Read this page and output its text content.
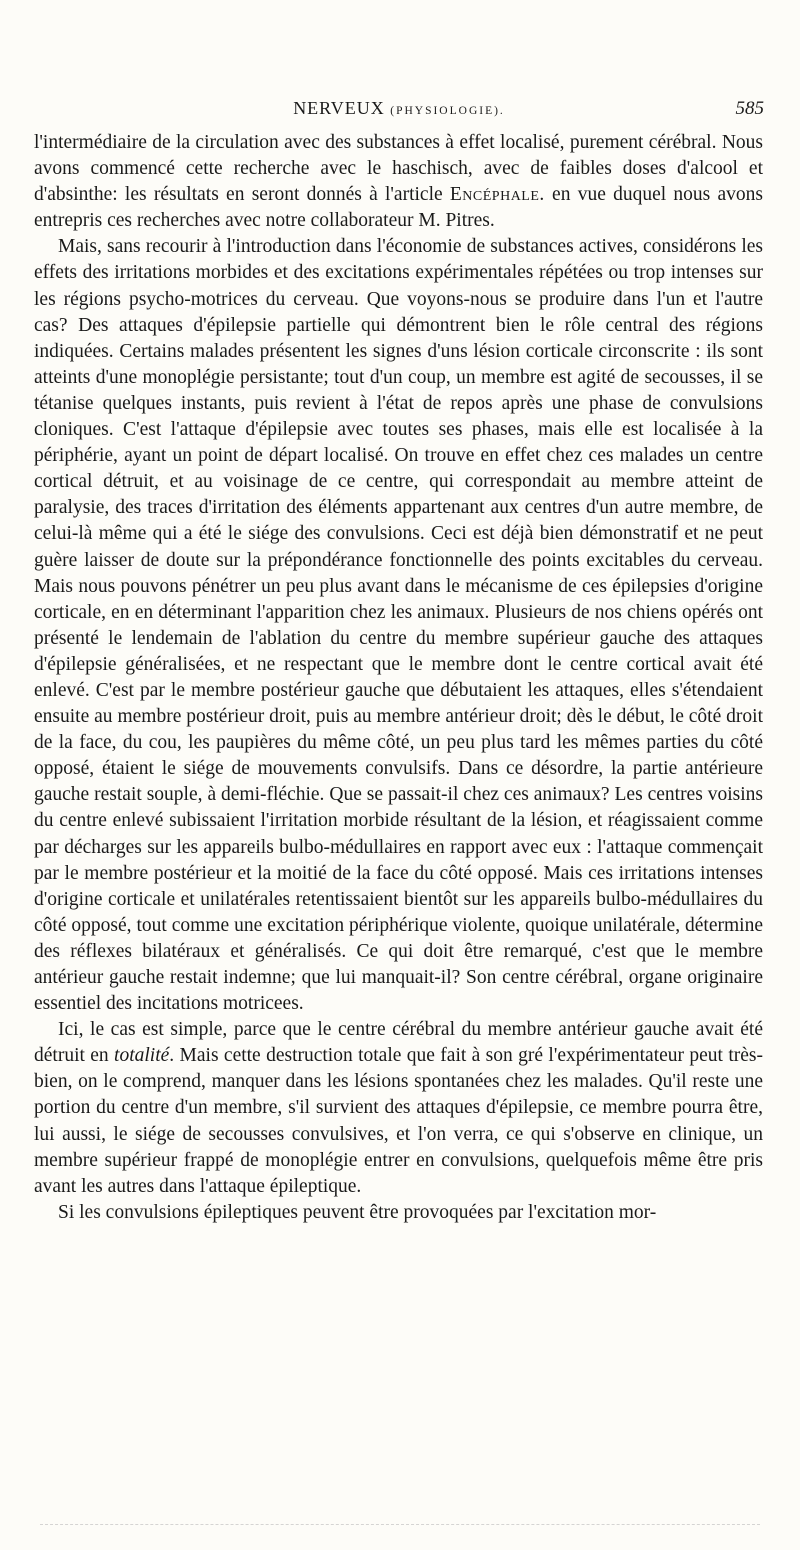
NERVEUX (PHYSIOLOGIE).	585

l'intermédiaire de la circulation avec des substances à effet localisé, purement cérébral. Nous avons commencé cette recherche avec le haschisch, avec de faibles doses d'alcool et d'absinthe: les résultats en seront donnés à l'article Encéphale. en vue duquel nous avons entrepris ces recherches avec notre collaborateur M. Pitres.

Mais, sans recourir à l'introduction dans l'économie de substances actives, considérons les effets des irritations morbides et des excitations expérimentales répétées ou trop intenses sur les régions psycho-motrices du cerveau. Que voyons-nous se produire dans l'un et l'autre cas? Des attaques d'épilepsie partielle qui démontrent bien le rôle central des régions indiquées. Certains malades présentent les signes d'uns lésion corticale circonscrite : ils sont atteints d'une monoplégie persistante; tout d'un coup, un membre est agité de secousses, il se tétanise quelques instants, puis revient à l'état de repos après une phase de convulsions cloniques. C'est l'attaque d'épilepsie avec toutes ses phases, mais elle est localisée à la périphérie, ayant un point de départ localisé. On trouve en effet chez ces malades un centre cortical détruit, et au voisinage de ce centre, qui correspondait au membre atteint de paralysie, des traces d'irritation des éléments appartenant aux centres d'un autre membre, de celui-là même qui a été le siége des convulsions. Ceci est déjà bien démonstratif et ne peut guère laisser de doute sur la prépondérance fonctionnelle des points excitables du cerveau. Mais nous pouvons pénétrer un peu plus avant dans le mécanisme de ces épilepsies d'origine corticale, en en déterminant l'apparition chez les animaux. Plusieurs de nos chiens opérés ont présenté le lendemain de l'ablation du centre du membre supérieur gauche des attaques d'épilepsie généralisées, et ne respectant que le membre dont le centre cortical avait été enlevé. C'est par le membre postérieur gauche que débutaient les attaques, elles s'étendaient ensuite au membre postérieur droit, puis au membre antérieur droit; dès le début, le côté droit de la face, du cou, les paupières du même côté, un peu plus tard les mêmes parties du côté opposé, étaient le siége de mouvements convulsifs. Dans ce désordre, la partie antérieure gauche restait souple, à demi-fléchie. Que se passait-il chez ces animaux? Les centres voisins du centre enlevé subissaient l'irritation morbide résultant de la lésion, et réagissaient comme par décharges sur les appareils bulbo-médullaires en rapport avec eux : l'attaque commençait par le membre postérieur et la moitié de la face du côté opposé. Mais ces irritations intenses d'origine corticale et unilatérales retentissaient bientôt sur les appareils bulbo-médullaires du côté opposé, tout comme une excitation périphérique violente, quoique unilatérale, détermine des réflexes bilatéraux et généralisés. Ce qui doit être remarqué, c'est que le membre antérieur gauche restait indemne; que lui manquait-il? Son centre cérébral, organe originaire essentiel des incitations motricees.

Ici, le cas est simple, parce que le centre cérébral du membre antérieur gauche avait été détruit en totalité. Mais cette destruction totale que fait à son gré l'expérimentateur peut très-bien, on le comprend, manquer dans les lésions spontanées chez les malades. Qu'il reste une portion du centre d'un membre, s'il survient des attaques d'épilepsie, ce membre pourra être, lui aussi, le siége de secousses convulsives, et l'on verra, ce qui s'observe en clinique, un membre supérieur frappé de monoplégie entrer en convulsions, quelquefois même être pris avant les autres dans l'attaque épileptique.

Si les convulsions épileptiques peuvent être provoquées par l'excitation mor-
